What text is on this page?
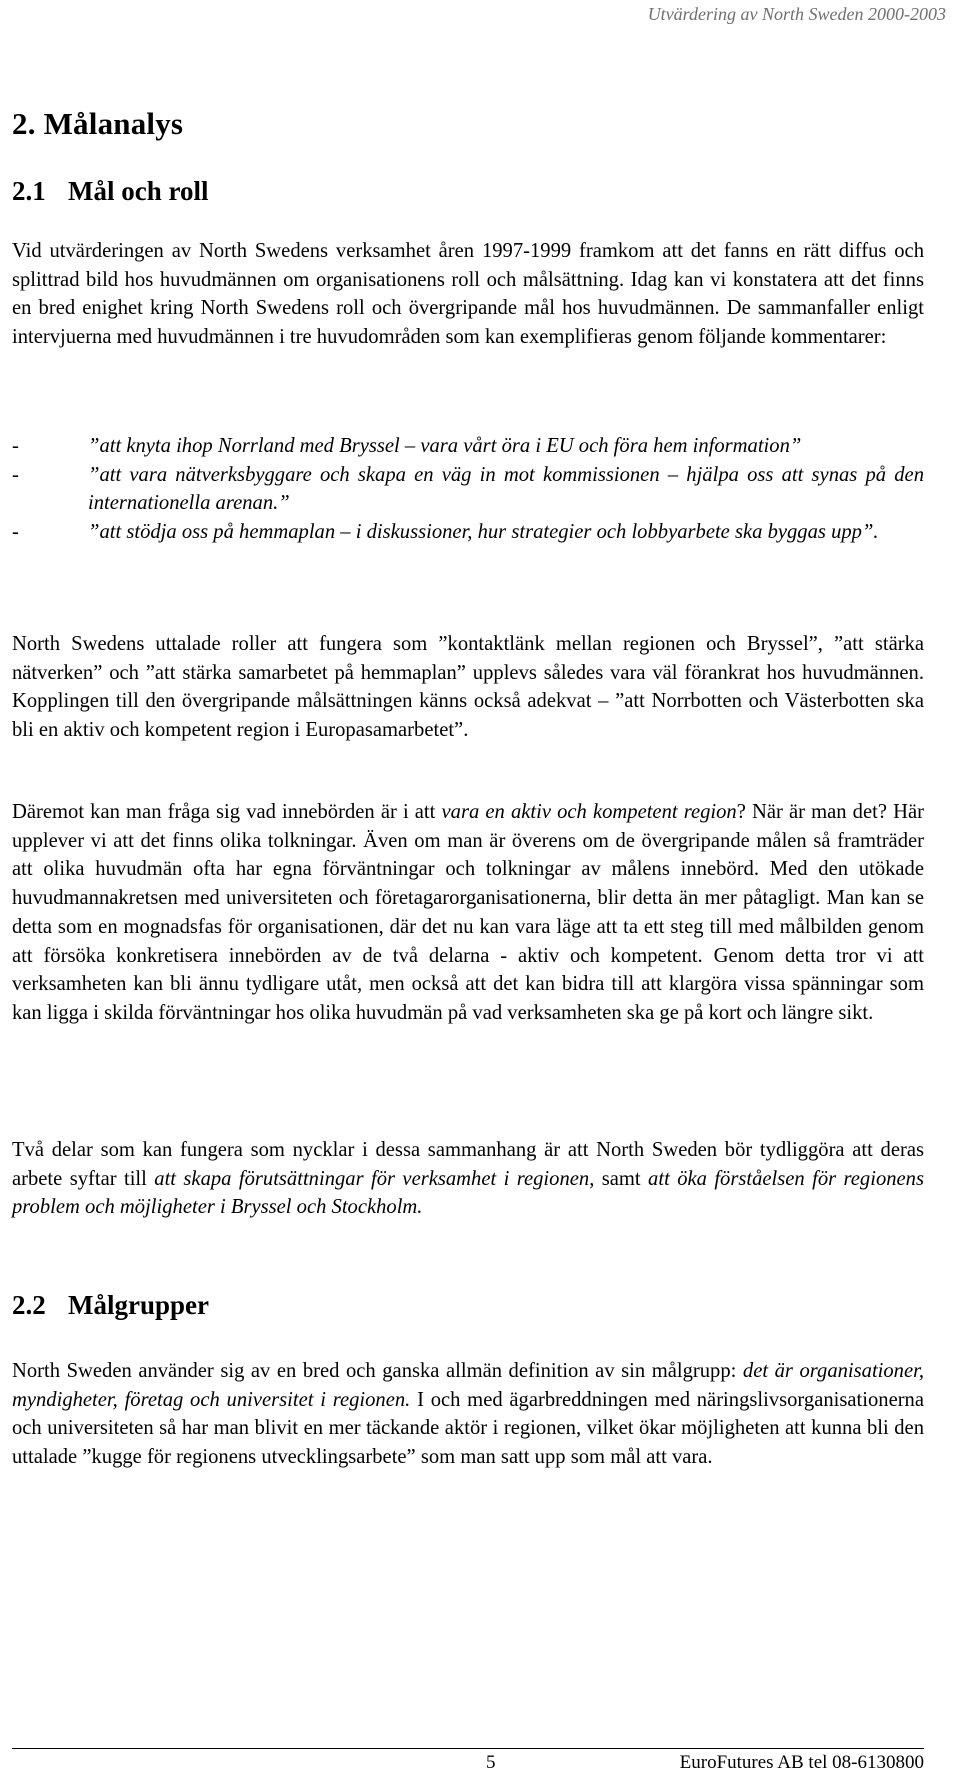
Utvärdering av North Sweden 2000-2003
2. Målanalys
2.1 Mål och roll

Vid utvärderingen av North Swedens verksamhet åren 1997-1999 framkom att det fanns en rätt diffus och splittrad bild hos huvudmännen om organisationens roll och målsättning. Idag kan vi konstatera att det finns en bred enighet kring North Swedens roll och övergripande mål hos huvudmännen. De sammanfaller enligt intervjuerna med huvudmännen i tre huvudområden som kan exemplifieras genom följande kommentarer:

-	”att knyta ihop Norrland med Bryssel – vara vårt öra i EU och föra hem information”
-	”att vara nätverksbyggare och skapa en väg in mot kommissionen – hjälpa oss att synas på den internationella arenan.”
-	”att stödja oss på hemmaplan – i diskussioner, hur strategier och lobbyarbete ska byggas upp”.

North Swedens uttalade roller att fungera som ”kontaktlänk mellan regionen och Bryssel”, ”att stärka nätverken” och ”att stärka samarbetet på hemmaplan” upplevs således vara väl förankrat hos huvudmännen. Kopplingen till den övergripande målsättningen känns också adekvat – ”att Norrbotten och Västerbotten ska bli en aktiv och kompetent region i Europasamarbetet”.

Däremot kan man fråga sig vad innebörden är i att vara en aktiv och kompetent region? När är man det? Här upplever vi att det finns olika tolkningar. Även om man är överens om de övergripande målen så framträder att olika huvudmän ofta har egna förväntningar och tolkningar av målens innebörd. Med den utökade huvudmannakretsen med universiteten och företagarorganisationerna, blir detta än mer påtagligt. Man kan se detta som en mognadsfas för organisationen, där det nu kan vara läge att ta ett steg till med målbilden genom att försöka konkretisera innebörden av de två delarna - aktiv och kompetent. Genom detta tror vi att verksamheten kan bli ännu tydligare utåt, men också att det kan bidra till att klargöra vissa spänningar som kan ligga i skilda förväntningar hos olika huvudmän på vad verksamheten ska ge på kort och längre sikt.

Två delar som kan fungera som nycklar i dessa sammanhang är att North Sweden bör tydliggöra att deras arbete syftar till att skapa förutsättningar för verksamhet i regionen, samt att öka förståelsen för regionens problem och möjligheter i Bryssel och Stockholm.

2.2 Målgrupper

North Sweden använder sig av en bred och ganska allmän definition av sin målgrupp: det är organisationer, myndigheter, företag och universitet i regionen. I och med ägarbreddningen med näringslivsorganisationerna och universiteten så har man blivit en mer täckande aktör i regionen, vilket ökar möjligheten att kunna bli den uttalade ”kugge för regionens utvecklingsarbete” som man satt upp som mål att vara.

5	EuroFutures AB tel 08-6130800
